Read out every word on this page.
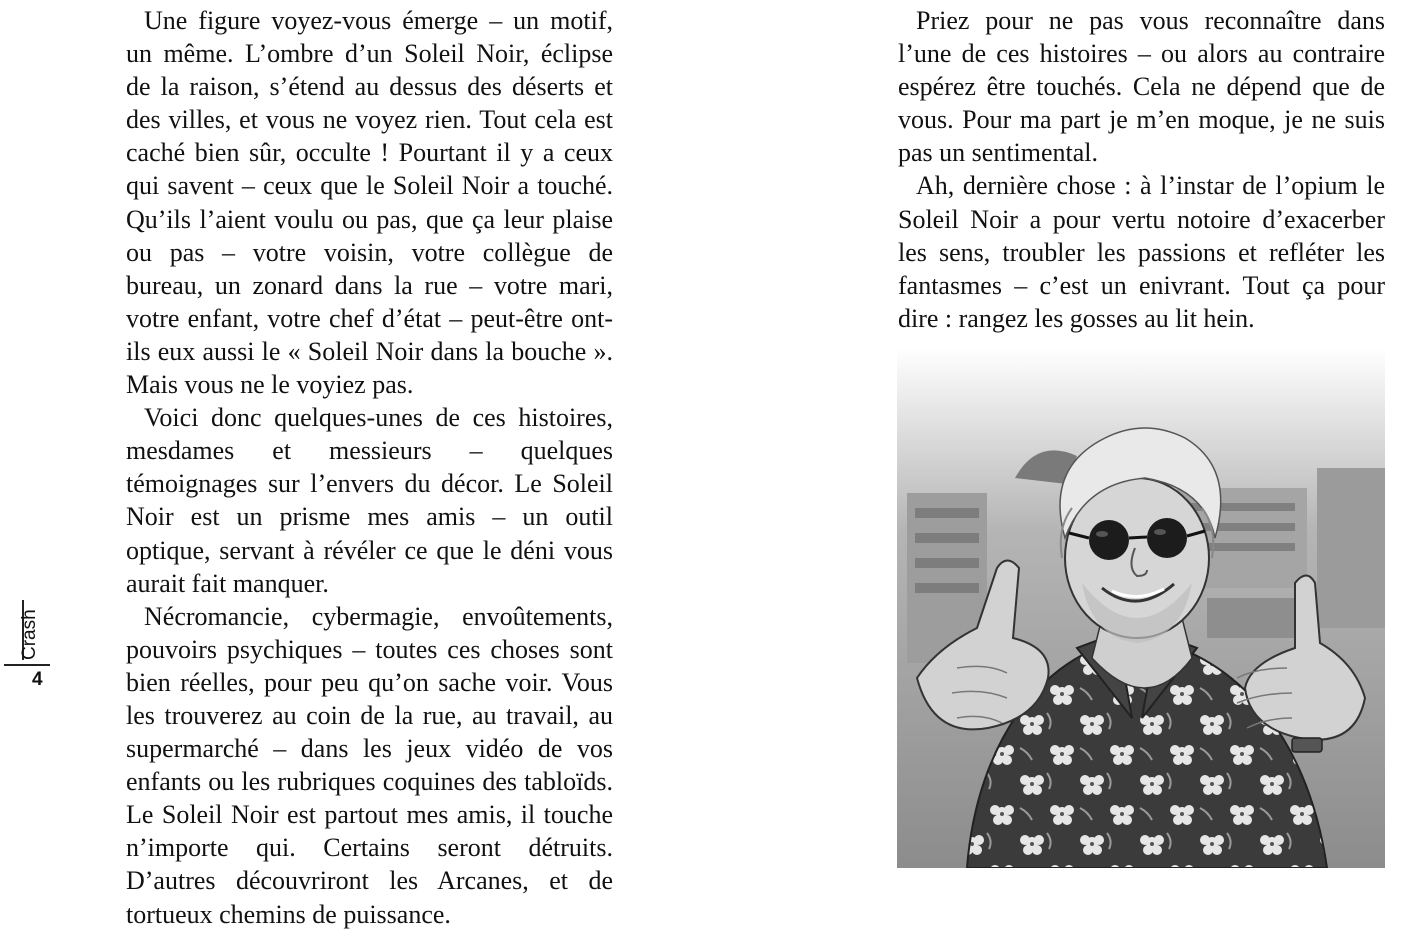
Une figure voyez-vous émerge – un motif, un même. L’ombre d’un Soleil Noir, éclipse de la raison, s’étend au dessus des déserts et des villes, et vous ne voyez rien. Tout cela est caché bien sûr, occulte ! Pourtant il y a ceux qui savent – ceux que le Soleil Noir a touché. Qu’ils l’aient voulu ou pas, que ça leur plaise ou pas – votre voisin, votre collègue de bureau, un zonard dans la rue – votre mari, votre enfant, votre chef d’état – peut-être ont-ils eux aussi le « Soleil Noir dans la bouche ». Mais vous ne le voyiez pas.

Voici donc quelques-unes de ces histoires, mesdames et messieurs – quelques témoignages sur l’envers du décor. Le Soleil Noir est un prisme mes amis – un outil optique, servant à révéler ce que le déni vous aurait fait manquer.

Nécromancie, cybermagie, envoûtements, pouvoirs psychiques – toutes ces choses sont bien réelles, pour peu qu’on sache voir. Vous les trouverez au coin de la rue, au travail, au supermarché – dans les jeux vidéo de vos enfants ou les rubriques coquines des tabloïds. Le Soleil Noir est partout mes amis, il touche n’importe qui. Certains seront détruits. D’autres découvriront les Arcanes, et de tortueux chemins de puissance.

Priez pour ne pas vous reconnaître dans l’une de ces histoires – ou alors au contraire espérez être touchés. Cela ne dépend que de vous. Pour ma part je m’en moque, je ne suis pas un sentimental.

Ah, dernière chose : à l’instar de l’opium le Soleil Noir a pour vertu notoire d’exacerber les sens, troubler les passions et refléter les fantasmes – c’est un enivrant. Tout ça pour dire : rangez les gosses au lit hein.

Crash
4
